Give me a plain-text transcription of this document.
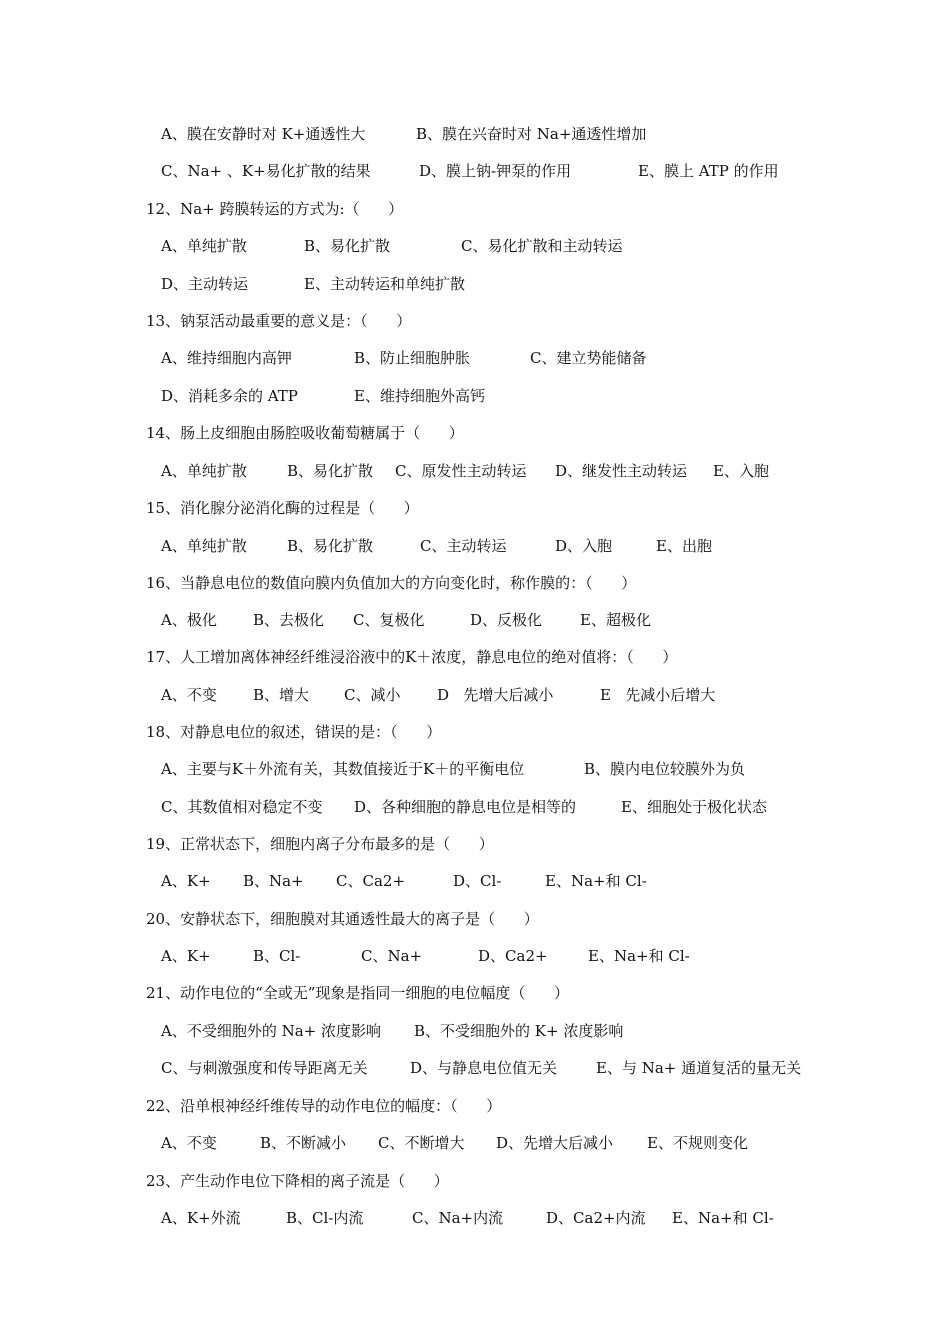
A、膜在安静时对 K+通透性大	B、膜在兴奋时对 Na+通透性增加
C、Na+ 、K+易化扩散的结果	D、膜上钠-钾泵的作用	E、膜上 ATP 的作用
12、Na+ 跨膜转运的方式为:（      ）
A、单纯扩散	B、易化扩散	C、易化扩散和主动转运
D、主动转运	E、主动转运和单纯扩散
13、钠泵活动最重要的意义是：（      ）
A、维持细胞内高钾	B、防止细胞肿胀	C、建立势能储备
D、消耗多余的 ATP	E、维持细胞外高钙
14、肠上皮细胞由肠腔吸收葡萄糖属于（      ）
A、单纯扩散	B、易化扩散 C、原发性主动转运 D、继发性主动转运 E、入胞
15、消化腺分泌消化酶的过程是（      ）
A、单纯扩散	B、易化扩散	C、主动转运	D、入胞	E、出胞
16、当静息电位的数值向膜内负值加大的方向变化时，称作膜的：（      ）
A、极化 B、去极化 C、复极化	D、反极化	E、超极化
17、人工增加离体神经纤维浸浴液中的K＋浓度，静息电位的绝对值将：（      ）
A、不变 B、增大 C、减小 D   先增大后减小	E   先减小后增大
18、对静息电位的叙述，错误的是：（      ）
A、主要与K＋外流有关，其数值接近于K＋的平衡电位	B、膜内电位较膜外为负
C、其数值相对稳定不变 D、各种细胞的静息电位是相等的	E、细胞处于极化状态
19、正常状态下，细胞内离子分布最多的是（      ）
A、K+ B、Na+ C、Ca2+	D、Cl-	E、Na+和 Cl-
20、安静状态下，细胞膜对其通透性最大的离子是（      ）
A、K+	B、Cl-	C、Na+	D、Ca2+	E、Na+和 Cl-
21、动作电位的“全或无”现象是指同一细胞的电位幅度（      ）
A、不受细胞外的 Na+ 浓度影响 B、不受细胞外的 K+ 浓度影响
C、与刺激强度和传导距离无关	D、与静息电位值无关	E、与 Na+ 通道复活的量无关
22、沿单根神经纤维传导的动作电位的幅度：（      ）
A、不变	B、不断减小 C、不断增大 D、先增大后减小 E、不规则变化
23、产生动作电位下降相的离子流是（      ）
A、K+外流	B、Cl-内流	C、Na+内流	D、Ca2+内流 E、Na+和 Cl-
